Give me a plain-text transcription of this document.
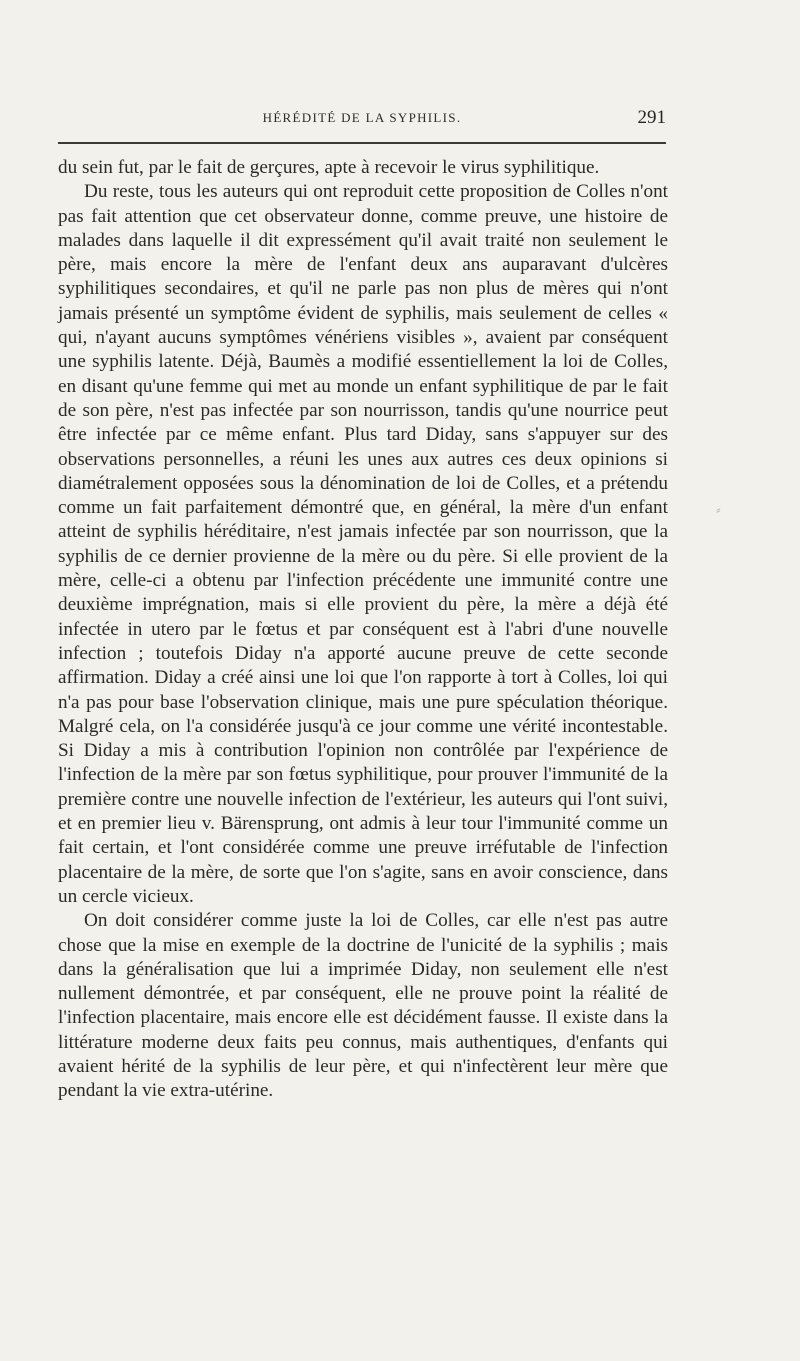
HÉRÉDITÉ DE LA SYPHILIS.	291

du sein fut, par le fait de gerçures, apte à recevoir le virus syphilitique.

Du reste, tous les auteurs qui ont reproduit cette proposition de Colles n'ont pas fait attention que cet observateur donne, comme preuve, une histoire de malades dans laquelle il dit expressément qu'il avait traité non seulement le père, mais encore la mère de l'enfant deux ans auparavant d'ulcères syphilitiques secondaires, et qu'il ne parle pas non plus de mères qui n'ont jamais présenté un symptôme évident de syphilis, mais seulement de celles « qui, n'ayant aucuns symptômes vénériens visibles », avaient par conséquent une syphilis latente. Déjà, Baumès a modifié essentiellement la loi de Colles, en disant qu'une femme qui met au monde un enfant syphilitique de par le fait de son père, n'est pas infectée par son nourrisson, tandis qu'une nourrice peut être infectée par ce même enfant. Plus tard Diday, sans s'appuyer sur des observations personnelles, a réuni les unes aux autres ces deux opinions si diamétralement opposées sous la dénomination de loi de Colles, et a prétendu comme un fait parfaitement démontré que, en général, la mère d'un enfant atteint de syphilis héréditaire, n'est jamais infectée par son nourrisson, que la syphilis de ce dernier provienne de la mère ou du père. Si elle provient de la mère, celle-ci a obtenu par l'infection précédente une immunité contre une deuxième imprégnation, mais si elle provient du père, la mère a déjà été infectée in utero par le fœtus et par conséquent est à l'abri d'une nouvelle infection ; toutefois Diday n'a apporté aucune preuve de cette seconde affirmation. Diday a créé ainsi une loi que l'on rapporte à tort à Colles, loi qui n'a pas pour base l'observation clinique, mais une pure spéculation théorique. Malgré cela, on l'a considérée jusqu'à ce jour comme une vérité incontestable. Si Diday a mis à contribution l'opinion non contrôlée par l'expérience de l'infection de la mère par son fœtus syphilitique, pour prouver l'immunité de la première contre une nouvelle infection de l'extérieur, les auteurs qui l'ont suivi, et en premier lieu v. Bärensprung, ont admis à leur tour l'immunité comme un fait certain, et l'ont considérée comme une preuve irréfutable de l'infection placentaire de la mère, de sorte que l'on s'agite, sans en avoir conscience, dans un cercle vicieux.

On doit considérer comme juste la loi de Colles, car elle n'est pas autre chose que la mise en exemple de la doctrine de l'unicité de la syphilis ; mais dans la généralisation que lui a imprimée Diday, non seulement elle n'est nullement démontrée, et par conséquent, elle ne prouve point la réalité de l'infection placentaire, mais encore elle est décidément fausse. Il existe dans la littérature moderne deux faits peu connus, mais authentiques, d'enfants qui avaient hérité de la syphilis de leur père, et qui n'infectèrent leur mère que pendant la vie extra-utérine.

⸗
